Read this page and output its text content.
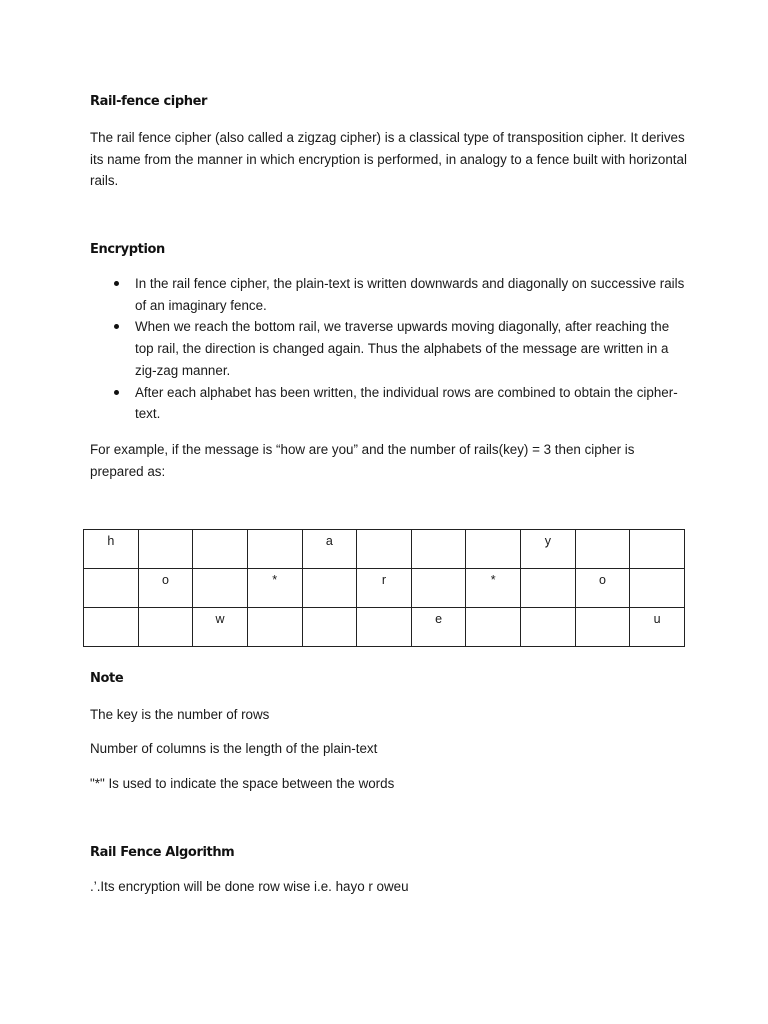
Rail-fence cipher

The rail fence cipher (also called a zigzag cipher) is a classical type of transposition cipher. It derives its name from the manner in which encryption is performed, in analogy to a fence built with horizontal rails.

Encryption
In the rail fence cipher, the plain-text is written downwards and diagonally on successive rails of an imaginary fence.
When we reach the bottom rail, we traverse upwards moving diagonally, after reaching the top rail, the direction is changed again. Thus the alphabets of the message are written in a zig-zag manner.
After each alphabet has been written, the individual rows are combined to obtain the cipher-text.

For example, if the message is “how are you” and the number of rails(key) = 3 then cipher is prepared as:

h				a				y		
	o		*		r		*		o	
		w				e				u
Note

The key is the number of rows

Number of columns is the length of the plain-text

"*" Is used to indicate the space between the words

Rail Fence Algorithm

.’.Its encryption will be done row wise i.e. hayo r oweu
